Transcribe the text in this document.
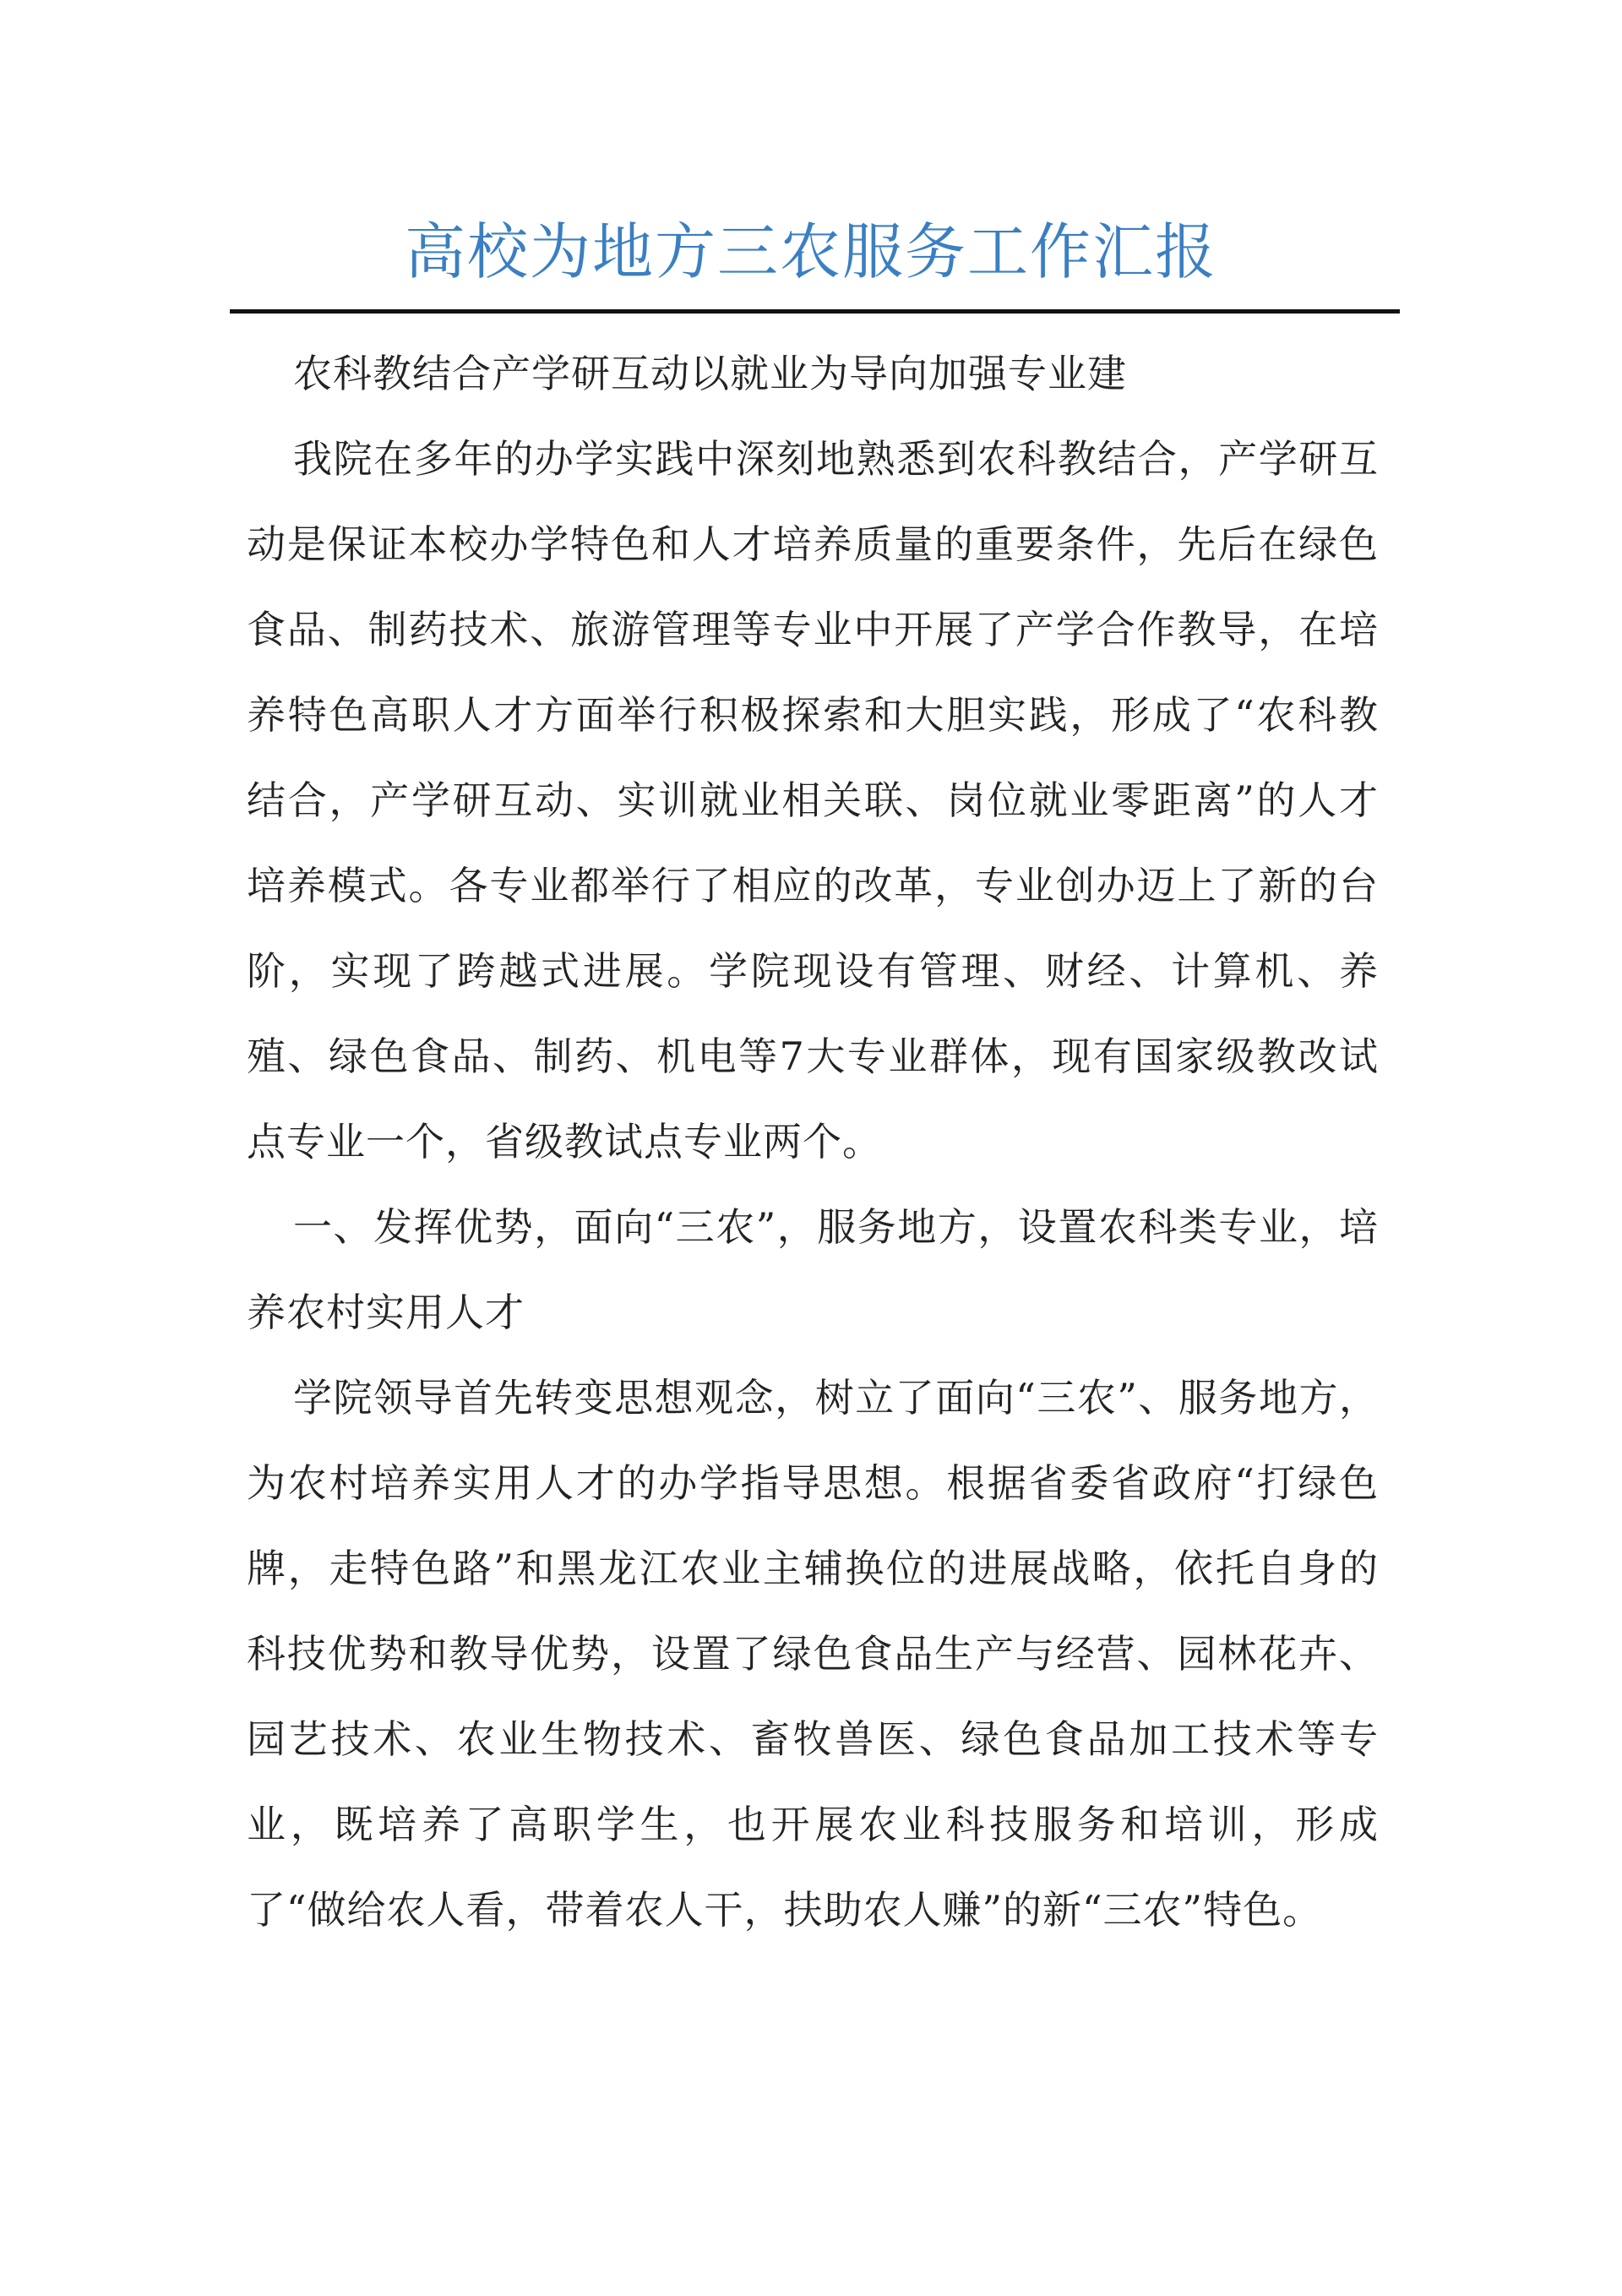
高校为地方三农服务工作汇报

农科教结合产学研互动以就业为导向加强专业建

我院在多年的办学实践中深刻地熟悉到农科教结合，产学研互动是保证本校办学特色和人才培养质量的重要条件，先后在绿色食品、制药技术、旅游管理等专业中开展了产学合作教导，在培养特色高职人才方面举行积极探索和大胆实践，形成了“农科教结合，产学研互动、实训就业相关联、岗位就业零距离”的人才培养模式。各专业都举行了相应的改革，专业创办迈上了新的台阶，实现了跨越式进展。学院现设有管理、财经、计算机、养殖、绿色食品、制药、机电等7大专业群体，现有国家级教改试点专业一个，省级教试点专业两个。

一、发挥优势，面向“三农”，服务地方，设置农科类专业，培养农村实用人才

学院领导首先转变思想观念，树立了面向“三农”、服务地方，为农村培养实用人才的办学指导思想。根据省委省政府“打绿色牌，走特色路”和黑龙江农业主辅换位的进展战略，依托自身的科技优势和教导优势，设置了绿色食品生产与经营、园林花卉、园艺技术、农业生物技术、畜牧兽医、绿色食品加工技术等专业，既培养了高职学生，也开展农业科技服务和培训，形成了“做给农人看，带着农人干，扶助农人赚”的新“三农”特色。
